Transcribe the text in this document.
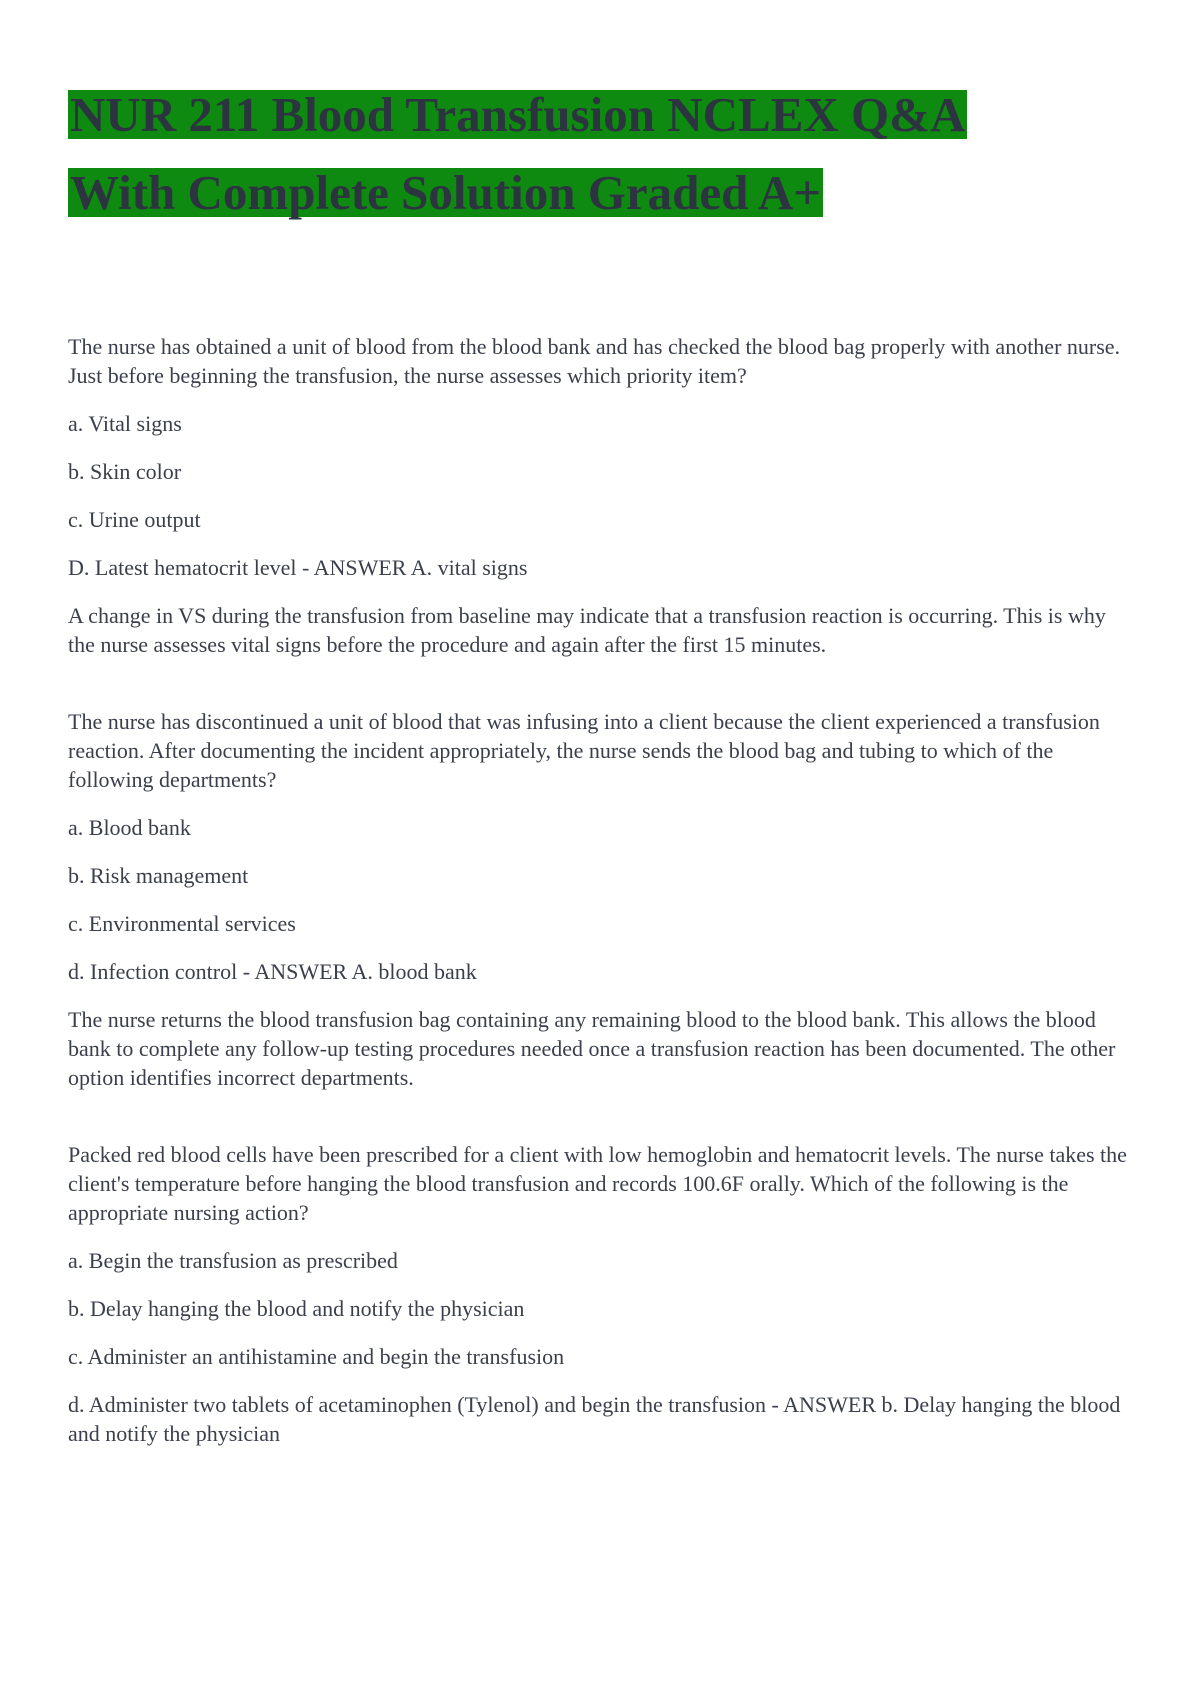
NUR 211 Blood Transfusion NCLEX Q&A
With Complete Solution Graded A+

The nurse has obtained a unit of blood from the blood bank and has checked the blood bag properly with another nurse. Just before beginning the transfusion, the nurse assesses which priority item?

a. Vital signs

b. Skin color

c. Urine output

D. Latest hematocrit level - ANSWER A. vital signs

A change in VS during the transfusion from baseline may indicate that a transfusion reaction is occurring. This is why the nurse assesses vital signs before the procedure and again after the first 15 minutes.

The nurse has discontinued a unit of blood that was infusing into a client because the client experienced a transfusion reaction. After documenting the incident appropriately, the nurse sends the blood bag and tubing to which of the following departments?

a. Blood bank

b. Risk management

c. Environmental services

d. Infection control - ANSWER A. blood bank

The nurse returns the blood transfusion bag containing any remaining blood to the blood bank. This allows the blood bank to complete any follow-up testing procedures needed once a transfusion reaction has been documented. The other option identifies incorrect departments.

Packed red blood cells have been prescribed for a client with low hemoglobin and hematocrit levels. The nurse takes the client's temperature before hanging the blood transfusion and records 100.6F orally. Which of the following is the appropriate nursing action?

a. Begin the transfusion as prescribed

b. Delay hanging the blood and notify the physician

c. Administer an antihistamine and begin the transfusion

d. Administer two tablets of acetaminophen (Tylenol) and begin the transfusion - ANSWER b. Delay hanging the blood and notify the physician
